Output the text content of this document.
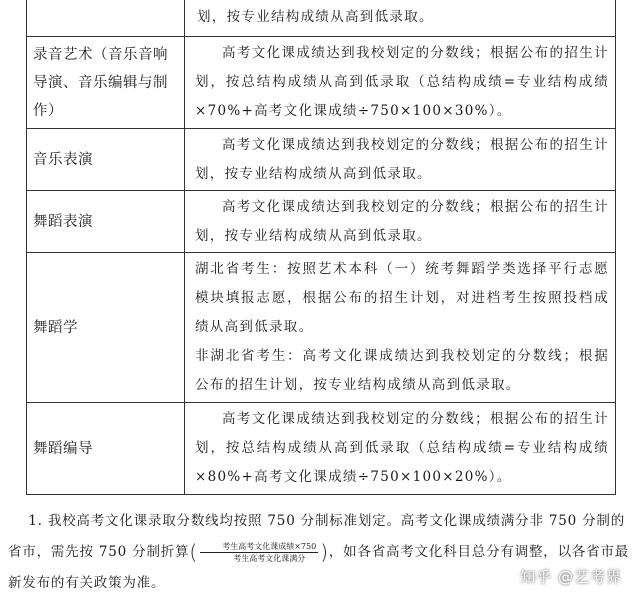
划，按专业结构成绩从高到低录取。

录音艺术（音乐音响导演、音乐编辑与制作）

高考文化课成绩达到我校划定的分数线；根据公布的招生计划，按总结构成绩从高到低录取（总结构成绩=专业结构成绩×70%+高考文化课成绩÷750×100×30%）。

音乐表演

高考文化课成绩达到我校划定的分数线；根据公布的招生计划，按专业结构成绩从高到低录取。

舞蹈表演

高考文化课成绩达到我校划定的分数线；根据公布的招生计划，按专业结构成绩从高到低录取。

舞蹈学

湖北省考生：按照艺术本科（一）统考舞蹈学类选择平行志愿模块填报志愿，根据公布的招生计划，对进档考生按照投档成绩从高到低录取。

非湖北省考生：高考文化课成绩达到我校划定的分数线；根据公布的招生计划，按专业结构成绩从高到低录取。

舞蹈编导

高考文化课成绩达到我校划定的分数线；根据公布的招生计划，按总结构成绩从高到低录取（总结构成绩=专业结构成绩×80%+高考文化课成绩÷750×100×20%）。

1. 我校高考文化课录取分数线均按照 750 分制标准划定。高考文化课成绩满分非 750 分制的省市，需先按 750 分制折算( $\frac{\text{考生高考文化课成绩×750}}{\text{考生高考文化课满分}}$ )，如各省高考文化科目总分有调整，以各省市最新发布的有关政策为准。	知乎 @艺考界
